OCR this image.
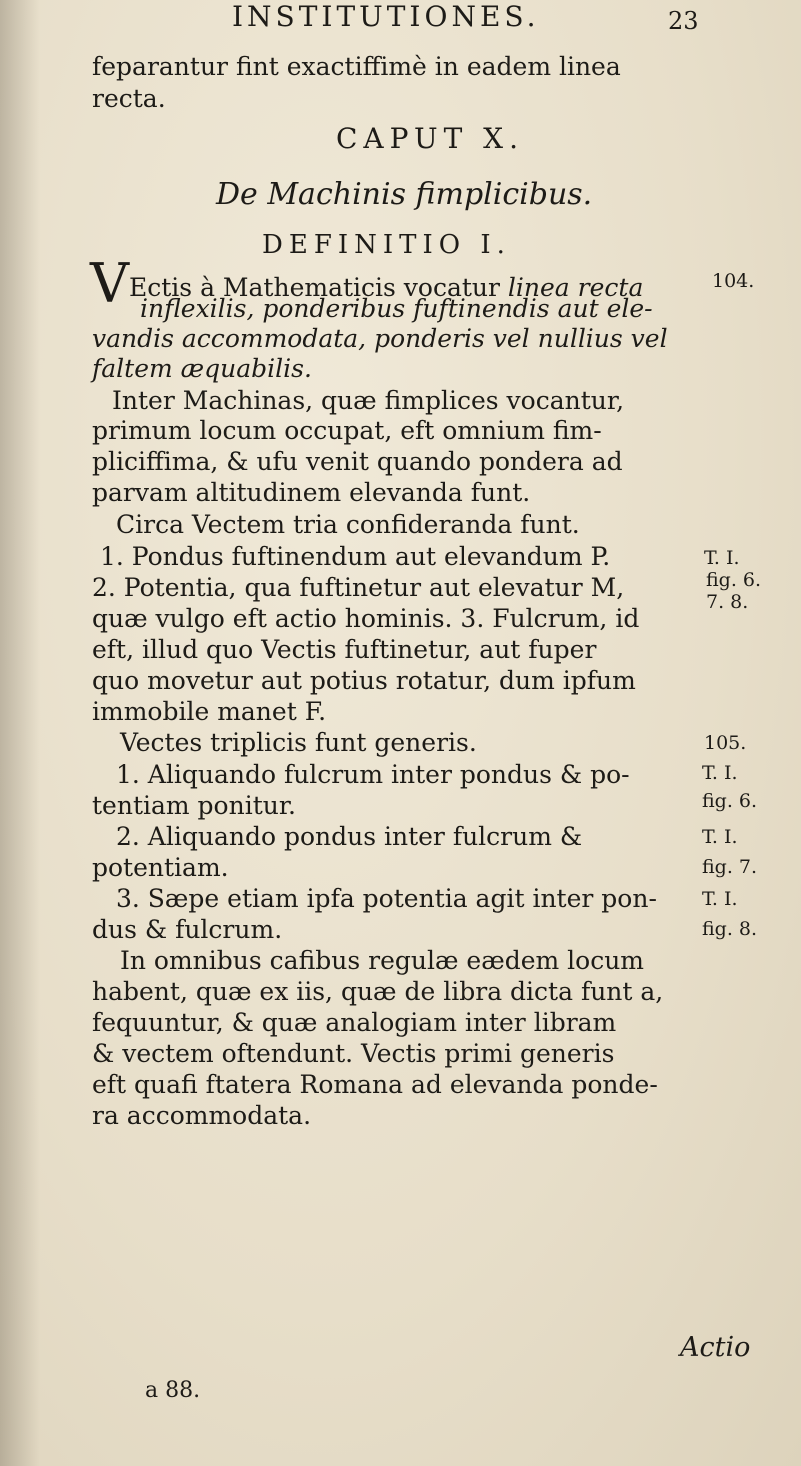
INSTITUTIONES.	23
feparantur fint exactiffimè in eadem linea
recta.
CAPUT X.
De Machinis fimplicibus.
DEFINITIO I.
VEctis à Mathematicis vocatur linea recta
inflexilis, ponderibus fuftinendis aut ele-
vandis accommodata, ponderis vel nullius vel
faltem æquabilis.
Inter Machinas, quæ fimplices vocantur,
primum locum occupat, eft omnium fim-
pliciffima, & ufu venit quando pondera ad
parvam altitudinem elevanda funt.
Circa Vectem tria confideranda funt.
1. Pondus fuftinendum aut elevandum P.
2. Potentia, qua fuftinetur aut elevatur M,
quæ vulgo eft actio hominis. 3. Fulcrum, id
eft, illud quo Vectis fuftinetur, aut fuper
quo movetur aut potius rotatur, dum ipfum
immobile manet F.
Vectes triplicis funt generis.
1. Aliquando fulcrum inter pondus & po-
tentiam ponitur.
2. Aliquando pondus inter fulcrum &
potentiam.
3. Sæpe etiam ipfa potentia agit inter pon-
dus & fulcrum.
In omnibus cafibus regulæ eædem locum
habent, quæ ex iis, quæ de libra dicta funt a,
fequuntur, & quæ analogiam inter libram
& vectem oftendunt. Vectis primi generis
eft quafi ftatera Romana ad elevanda ponde-
ra accommodata.
104.
T. I.
fig. 6.
7. 8.
105.
T. I.
fig. 6.
T. I.
fig. 7.
T. I.
fig. 8.
Actio
a 88.
